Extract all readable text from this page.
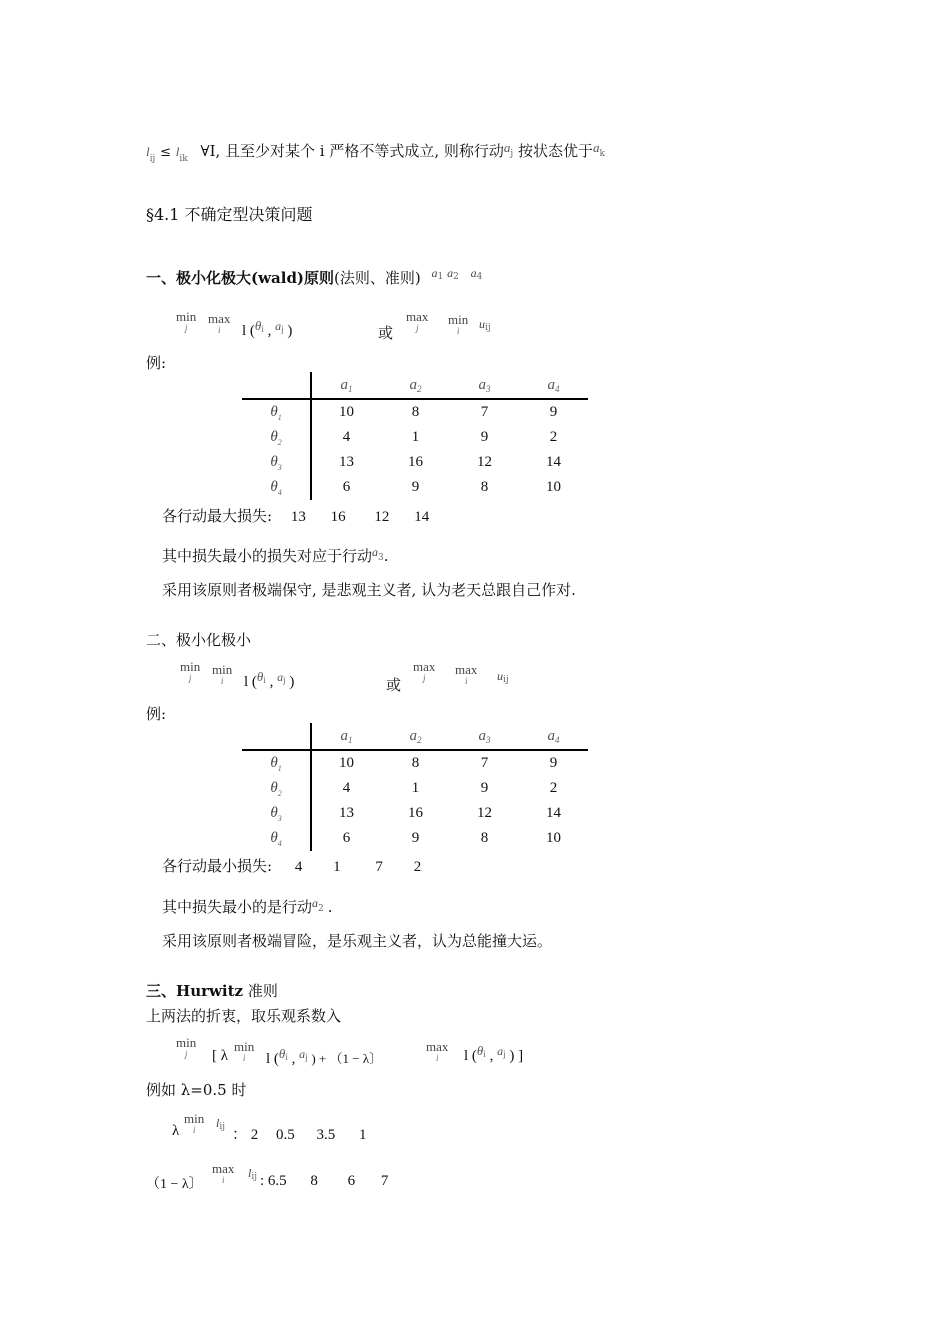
$l_{ij} \le l_{ik}$ ∀I, 且至少对某个 i 严格不等式成立, 则称行动aj 按状态优于ak
§4.1 不确定型决策问题
一、极小化极大(wald)原则(法则、准则) $^{a1 a2 a4}$
min
j
max
i	l ($\theta^i$ , $^{aj}$ )	或
max
j
min
i	uij
例:
	$a_1$	$a_2$	$a_3$	$a_4$
$\theta_1$	10	8	7	9
$\theta_2$	4	1	9	2
$\theta_3$	13	16	12	14
$\theta_4$	6	9	8	10
各行动最大损失: 13 16 12 14
其中损失最小的损失对应于行动$^a$3.
采用该原则者极端保守, 是悲观主义者, 认为老天总跟自己作对.
二、极小化极小
min
j
min
i	l ($\theta^i$ , $^{aj}$ )	或
max
j
max
i	uij
例:
	$a_1$	$a_2$	$a_3$	$a_4$
$\theta_1$	10	8	7	9
$\theta_2$	4	1	9	2
$\theta_3$	13	16	12	14
$\theta_4$	6	9	8	10
各行动最小损失: 4 1 7 2
其中损失最小的是行动$^a$2 .
采用该原则者极端冒险，是乐观主义者，认为总能撞大运。
三、Hurwitz 准则
上两法的折衷，取乐观系数入
min
j	[ λ
min
i	l ($\theta^i$ , $^{aj}$ ) + （1 − λ〕
max
i	l ($\theta^i$ , $^{aj}$ ) ]
例如 λ=0.5 时
λ
min
i	lij ： 2 0.5 3.5 1
（1 − λ〕
max
i	lij : 6.5 8 6 7
